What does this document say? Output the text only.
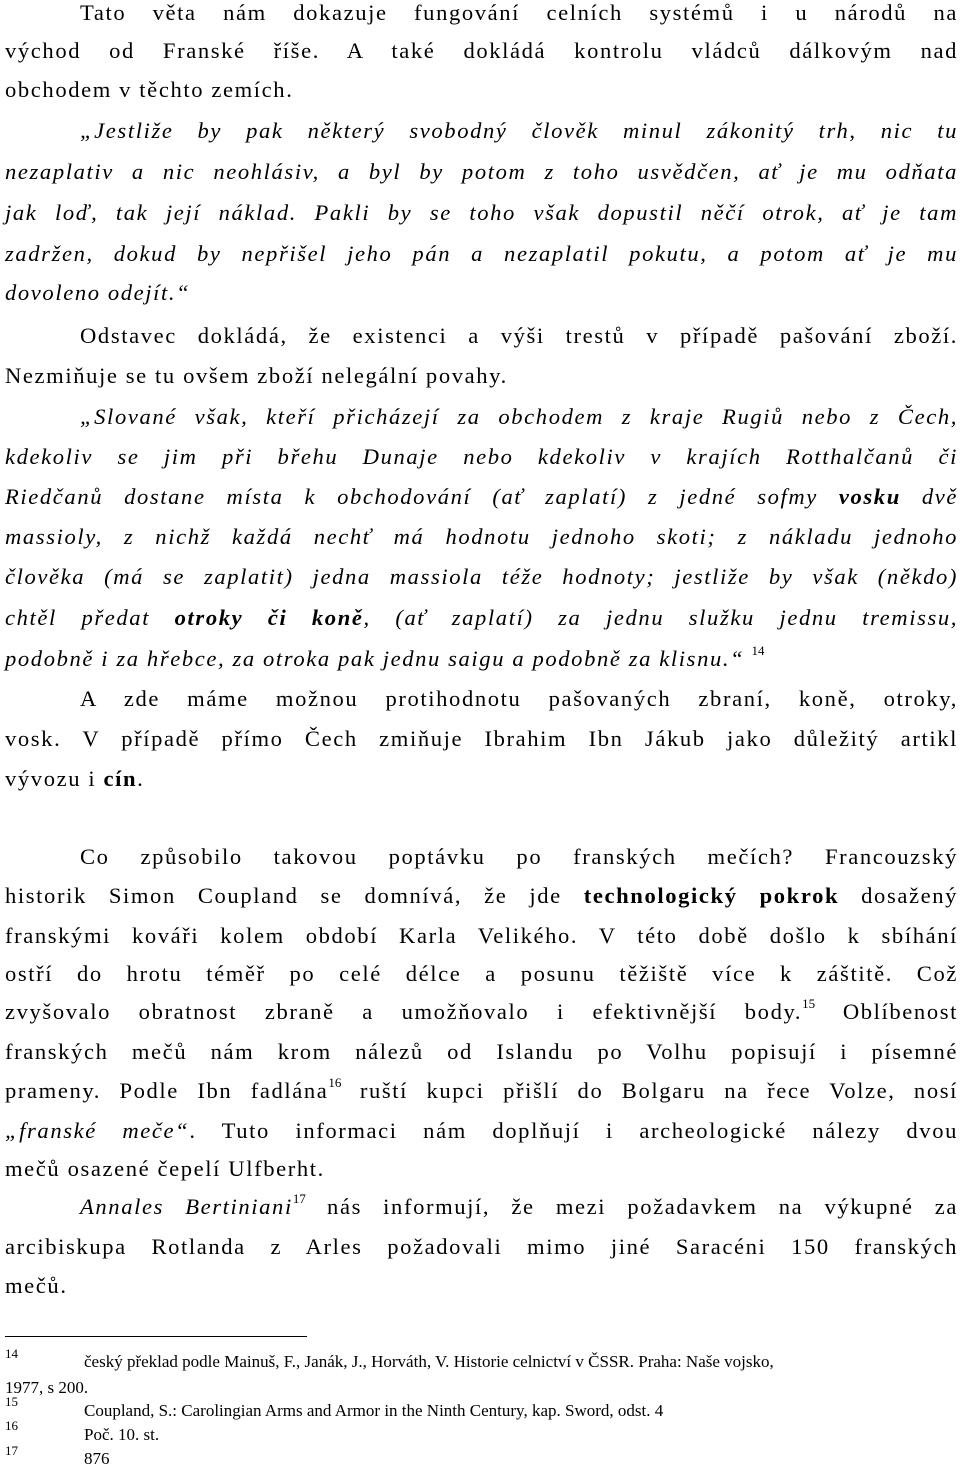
Tato věta nám dokazuje fungování celních systémů i u národů na
východ od Franské říše. A také dokládá kontrolu vládců dálkovým nad
obchodem v těchto zemích.
„Jestliže by pak některý svobodný člověk minul zákonitý trh, nic tu
nezaplativ a nic neohlásiv, a byl by potom z toho usvědčen, ať je mu odňata
jak loď, tak její náklad. Pakli by se toho však dopustil něčí otrok, ať je tam
zadržen, dokud by nepřišel jeho pán a nezaplatil pokutu, a potom ať je mu
dovoleno odejít.“
Odstavec dokládá, že existenci a výši trestů v případě pašování zboží.
Nezmiňuje se tu ovšem zboží nelegální povahy.
„Slované však, kteří přicházejí za obchodem z kraje Rugiů nebo z Čech,
kdekoliv se jim při břehu Dunaje nebo kdekoliv v krajích Rotthalčanů či
Riedčanů dostane místa k obchodování (ať zaplatí) z jedné sofmy vosku dvě
massioly, z nichž každá nechť má hodnotu jednoho skoti; z nákladu jednoho
člověka (má se zaplatit) jedna massiola téže hodnoty; jestliže by však (někdo)
chtěl předat otroky či koně, (ať zaplatí) za jednu služku jednu tremissu,
podobně i za hřebce, za otroka pak jednu saigu a podobně za klisnu.“ $^{14}$
A zde máme možnou protihodnotu pašovaných zbraní, koně, otroky,
vosk. V případě přímo Čech zmiňuje Ibrahim Ibn Jákub jako důležitý artikl
vývozu i cín.
Co způsobilo takovou poptávku po franských mečích? Francouzský
historik Simon Coupland se domnívá, že jde technologický pokrok dosažený
franskými kováři kolem období Karla Velikého. V této době došlo k sbíhání
ostří do hrotu téměř po celé délce a posunu těžiště více k záštitě. Což
zvyšovalo obratnost zbraně a umožňovalo i efektivnější body.$^{15}$ Oblíbenost
franských mečů nám krom nálezů od Islandu po Volhu popisují i písemné
prameny. Podle Ibn fadlána$^{16}$ ruští kupci přišlí do Bolgaru na řece Volze, nosí
„franské meče“. Tuto informaci nám doplňují i archeologické nálezy dvou
mečů osazené čepelí Ulfberht.
Annales Bertiniani$^{17}$ nás informují, že mezi požadavkem na výkupné za
arcibiskupa Rotlanda z Arles požadovali mimo jiné Saracéni 150 franských
mečů.
14	český překlad podle Mainuš, F., Janák, J., Horváth, V. Historie celnictví v ČSSR. Praha: Naše vojsko,
1977, s 200.
15	Coupland, S.: Carolingian Arms and Armor in the Ninth Century, kap. Sword, odst. 4
16	Poč. 10. st.
17	876
